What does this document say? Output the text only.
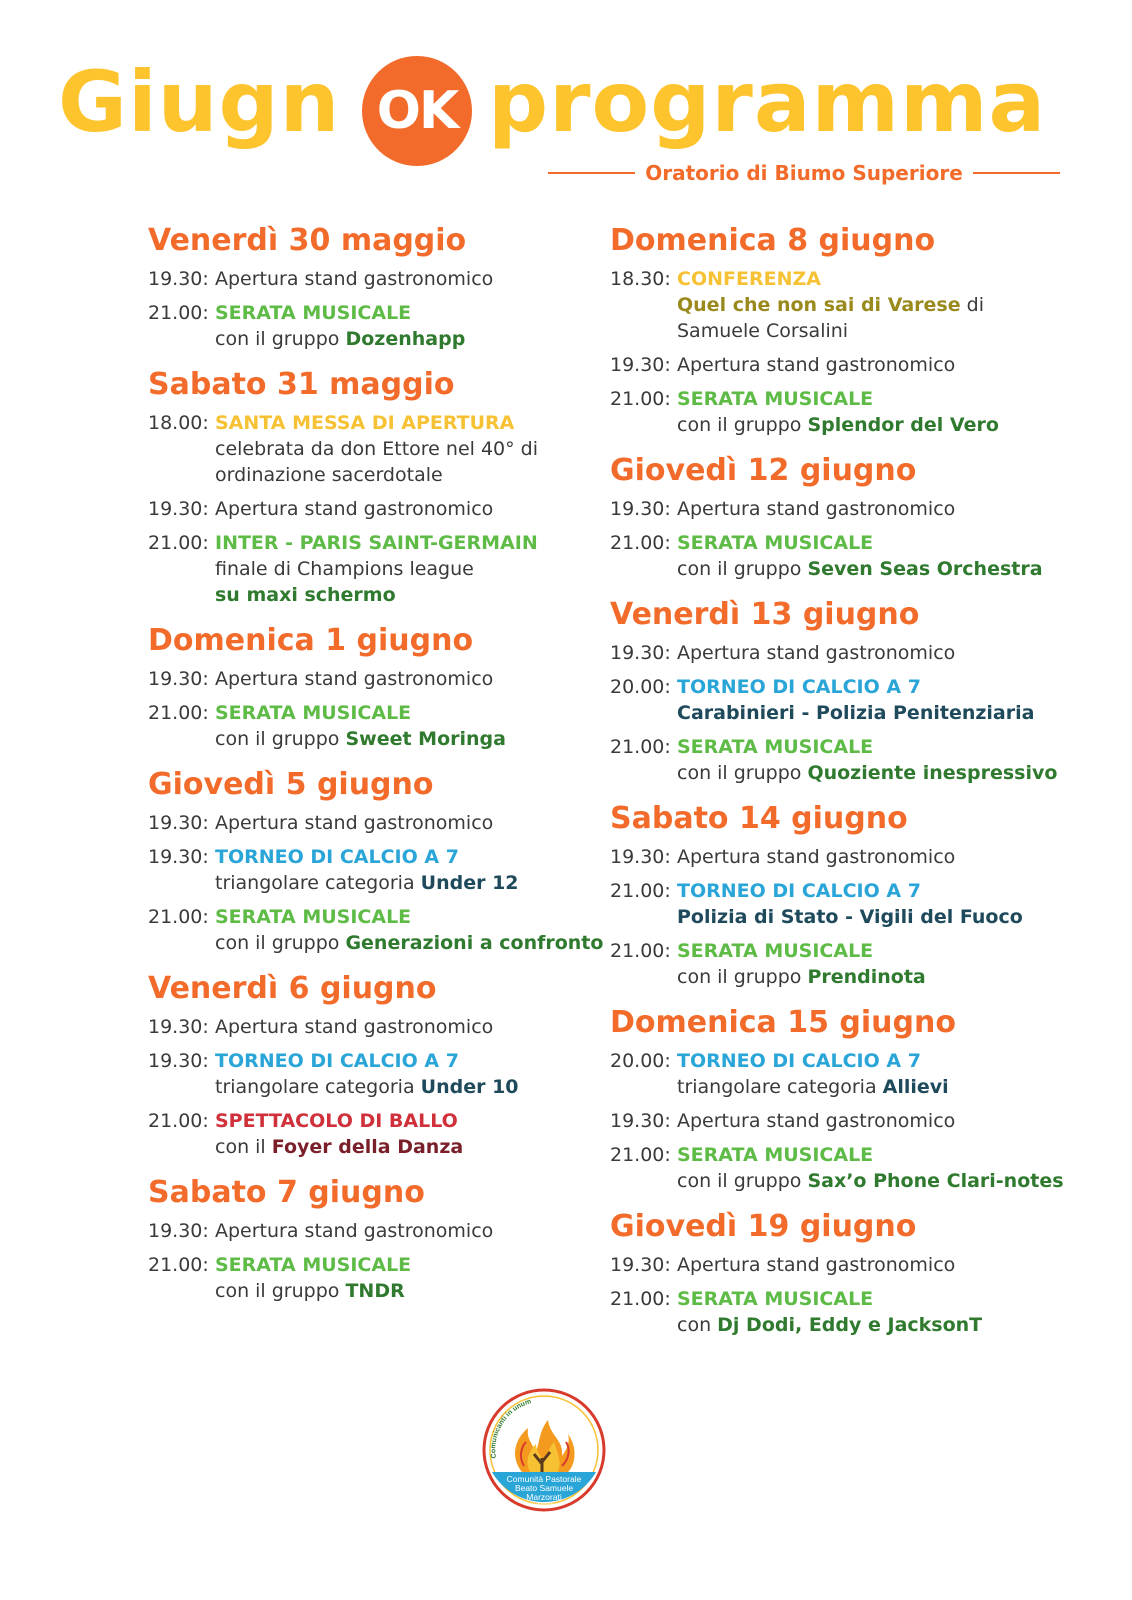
Giugn OK programma
Oratorio di Biumo Superiore
Venerdì 30 maggio
19.30: Apertura stand gastronomico
21.00: SERATA MUSICALE
con il gruppo Dozenhapp
Sabato 31 maggio
18.00: SANTA MESSA DI APERTURA
celebrata da don Ettore nel 40° di
ordinazione sacerdotale
19.30: Apertura stand gastronomico
21.00: INTER - PARIS SAINT-GERMAIN
finale di Champions league
su maxi schermo
Domenica 1 giugno
19.30: Apertura stand gastronomico
21.00: SERATA MUSICALE
con il gruppo Sweet Moringa
Giovedì 5 giugno
19.30: Apertura stand gastronomico
19.30: TORNEO DI CALCIO A 7
triangolare categoria Under 12
21.00: SERATA MUSICALE
con il gruppo Generazioni a confronto
Venerdì 6 giugno
19.30: Apertura stand gastronomico
19.30: TORNEO DI CALCIO A 7
triangolare categoria Under 10
21.00: SPETTACOLO DI BALLO
con il Foyer della Danza
Sabato 7 giugno
19.30: Apertura stand gastronomico
21.00: SERATA MUSICALE
con il gruppo TNDR
Domenica 8 giugno
18.30: CONFERENZA
Quel che non sai di Varese di
Samuele Corsalini
19.30: Apertura stand gastronomico
21.00: SERATA MUSICALE
con il gruppo Splendor del Vero
Giovedì 12 giugno
19.30: Apertura stand gastronomico
21.00: SERATA MUSICALE
con il gruppo Seven Seas Orchestra
Venerdì 13 giugno
19.30: Apertura stand gastronomico
20.00: TORNEO DI CALCIO A 7
Carabinieri - Polizia Penitenziaria
21.00: SERATA MUSICALE
con il gruppo Quoziente inespressivo
Sabato 14 giugno
19.30: Apertura stand gastronomico
21.00: TORNEO DI CALCIO A 7
Polizia di Stato - Vigili del Fuoco
21.00: SERATA MUSICALE
con il gruppo Prendinota
Domenica 15 giugno
20.00: TORNEO DI CALCIO A 7
triangolare categoria Allievi
19.30: Apertura stand gastronomico
21.00: SERATA MUSICALE
con il gruppo Sax’o Phone Clari-notes
Giovedì 19 giugno
19.30: Apertura stand gastronomico
21.00: SERATA MUSICALE
con Dj Dodi, Eddy e JacksonT
Comunità Pastorale
Beato Samuele
Marzorati
VARESE
Comunicanti in unum
